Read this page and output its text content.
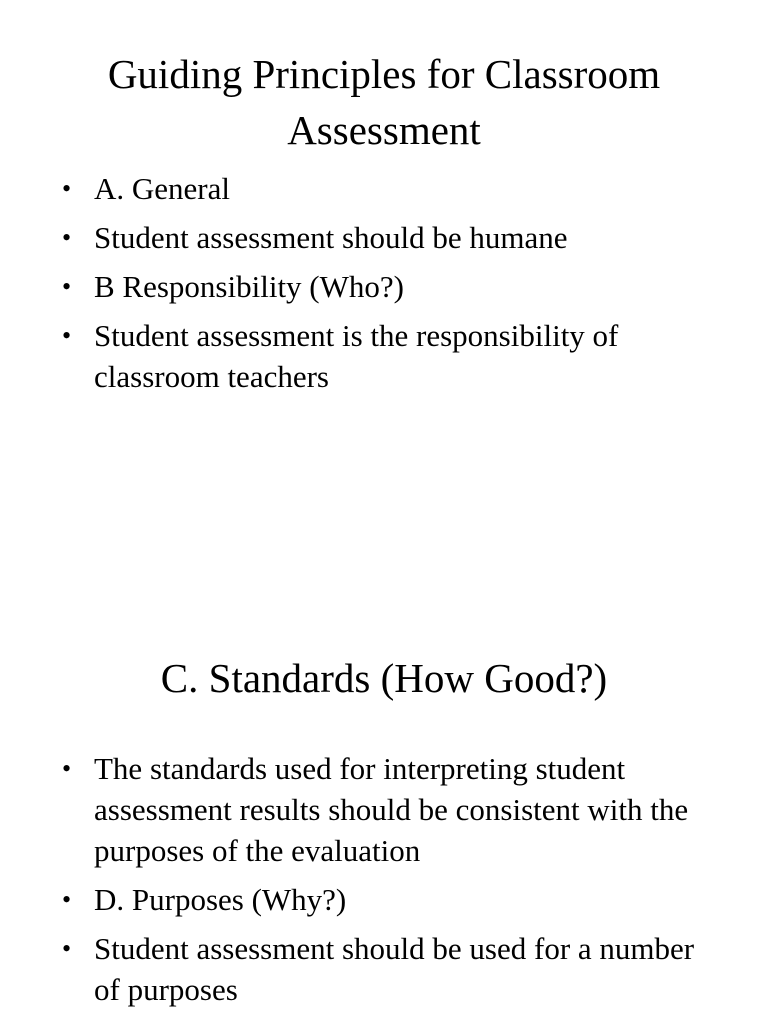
Guiding Principles for Classroom Assessment
• A. General
• Student assessment should be humane
• B Responsibility (Who?)
• Student assessment is the responsibility of classroom teachers
C. Standards (How Good?)
• The standards used for interpreting student assessment results should be consistent with the purposes of the evaluation
• D. Purposes (Why?)
• Student assessment should be used for a number of purposes
